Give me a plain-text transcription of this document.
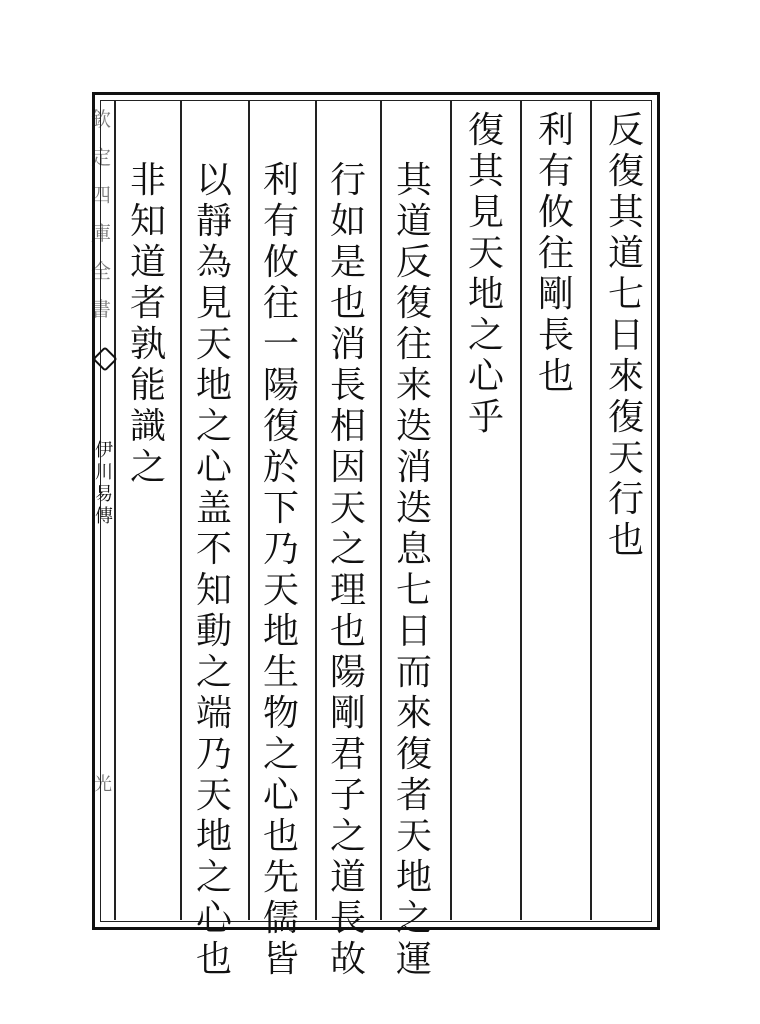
反
復
其
道
七
日
來
復
天
行
也
利
有
攸
往
剛
長
也
復
其
見
天
地
之
心
乎
其
道
反
復
往
来
迭
消
迭
息
七
日
而
來
復
者
天
地
之
運
行
如
是
也
消
長
相
因
天
之
理
也
陽
剛
君
子
之
道
長
故
利
有
攸
往
一
陽
復
於
下
乃
天
地
生
物
之
心
也
先
儒
皆
以
靜
為
見
天
地
之
心
盖
不
知
動
之
端
乃
天
地
之
心
也
非
知
道
者
孰
能
識
之
欽
定
四
庫
全
書
伊
川
易
傳
光
